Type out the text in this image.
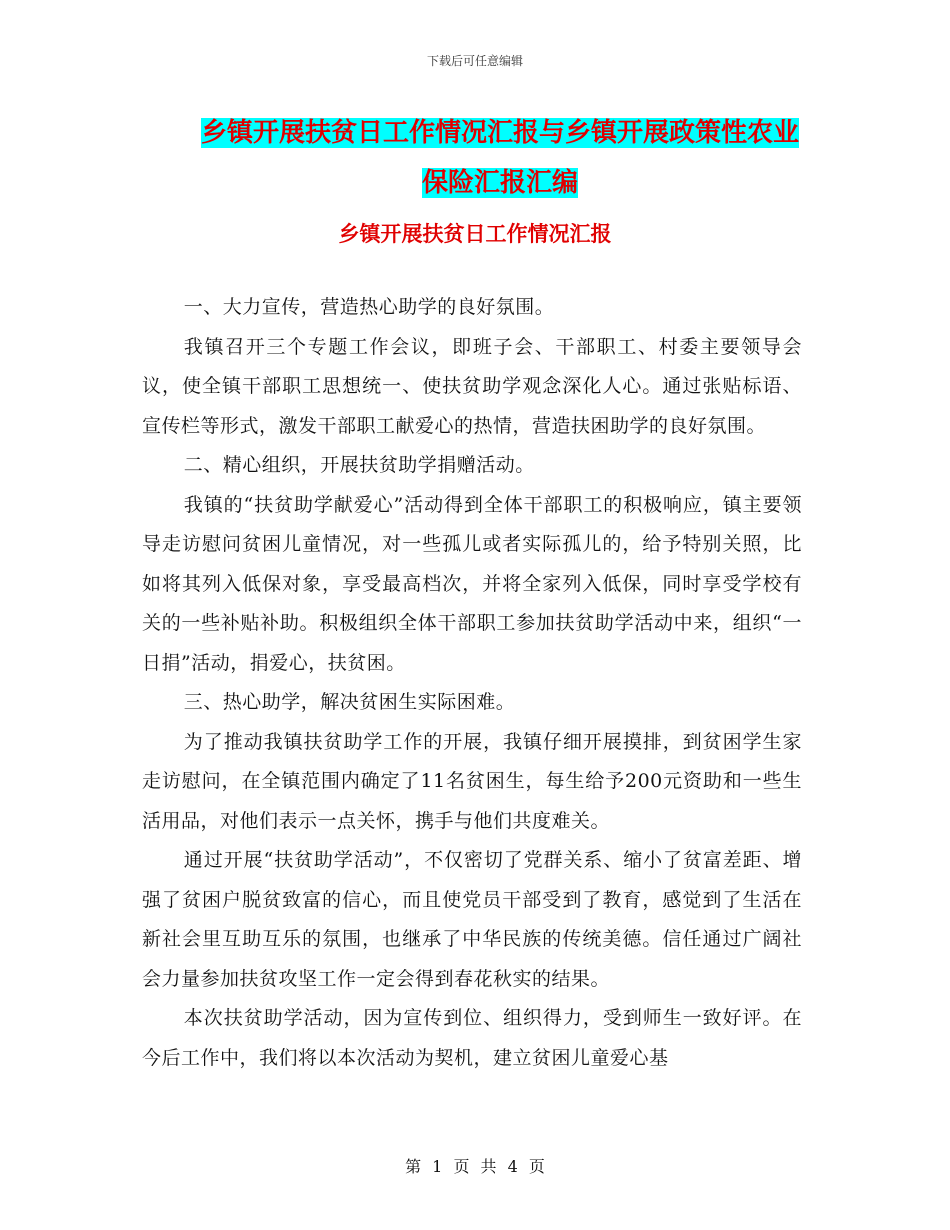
下载后可任意编辑
乡镇开展扶贫日工作情况汇报与乡镇开展政策性农业
保险汇报汇编
乡镇开展扶贫日工作情况汇报

一、大力宣传，营造热心助学的良好氛围。

我镇召开三个专题工作会议，即班子会、干部职工、村委主要领导会议，使全镇干部职工思想统一、使扶贫助学观念深化人心。通过张贴标语、宣传栏等形式，激发干部职工献爱心的热情，营造扶困助学的良好氛围。

二、精心组织，开展扶贫助学捐赠活动。

我镇的“扶贫助学献爱心”活动得到全体干部职工的积极响应，镇主要领导走访慰问贫困儿童情况，对一些孤儿或者实际孤儿的，给予特别关照，比如将其列入低保对象，享受最高档次，并将全家列入低保，同时享受学校有关的一些补贴补助。积极组织全体干部职工参加扶贫助学活动中来，组织“一日捐”活动，捐爱心，扶贫困。

三、热心助学，解决贫困生实际困难。

为了推动我镇扶贫助学工作的开展，我镇仔细开展摸排，到贫困学生家走访慰问，在全镇范围内确定了11名贫困生，每生给予200元资助和一些生活用品，对他们表示一点关怀，携手与他们共度难关。

通过开展“扶贫助学活动”，不仅密切了党群关系、缩小了贫富差距、增强了贫困户脱贫致富的信心，而且使党员干部受到了教育，感觉到了生活在新社会里互助互乐的氛围，也继承了中华民族的传统美德。信任通过广阔社会力量参加扶贫攻坚工作一定会得到春花秋实的结果。

本次扶贫助学活动，因为宣传到位、组织得力，受到师生一致好评。在今后工作中，我们将以本次活动为契机，建立贫困儿童爱心基

第 1 页 共 4 页
